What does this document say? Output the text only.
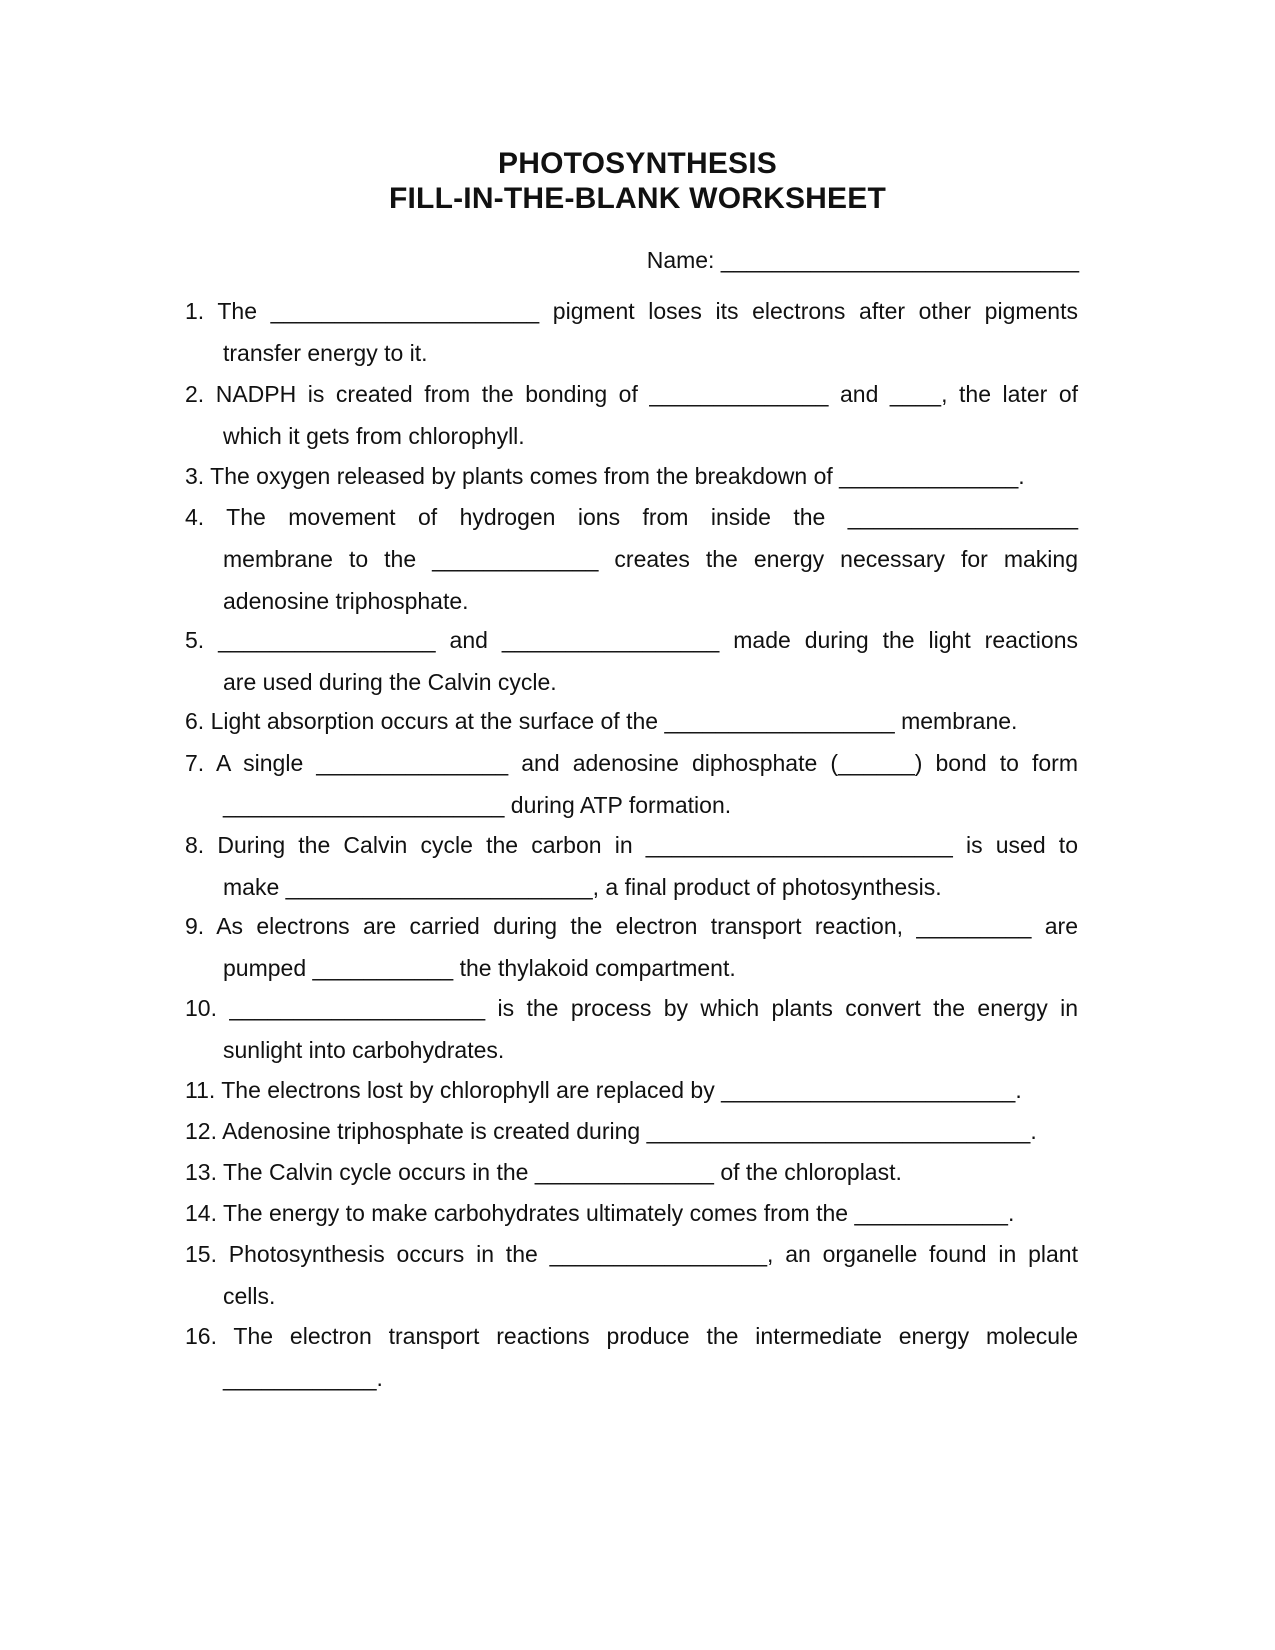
PHOTOSYNTHESIS
FILL-IN-THE-BLANK WORKSHEET
Name: ____________________________
1. The _____________________ pigment loses its electrons after other pigments
transfer energy to it.
2. NADPH is created from the bonding of ______________ and ____, the later of
which it gets from chlorophyll.
3. The oxygen released by plants comes from the breakdown of ______________.
4. The movement of hydrogen ions from inside the __________________
membrane to the _____________ creates the energy necessary for making
adenosine triphosphate.
5. _________________ and _________________ made during the light reactions
are used during the Calvin cycle.
6. Light absorption occurs at the surface of the __________________ membrane.
7. A single _______________ and adenosine diphosphate (______) bond to form
______________________ during ATP formation.
8. During the Calvin cycle the carbon in ________________________ is used to
make ________________________, a final product of photosynthesis.
9. As electrons are carried during the electron transport reaction, _________ are
pumped ___________ the thylakoid compartment.
10. ____________________ is the process by which plants convert the energy in
sunlight into carbohydrates.
11. The electrons lost by chlorophyll are replaced by _______________________.
12. Adenosine triphosphate is created during ______________________________.
13. The Calvin cycle occurs in the ______________ of the chloroplast.
14. The energy to make carbohydrates ultimately comes from the ____________.
15. Photosynthesis occurs in the _________________, an organelle found in plant
cells.
16. The electron transport reactions produce the intermediate energy molecule
____________.
